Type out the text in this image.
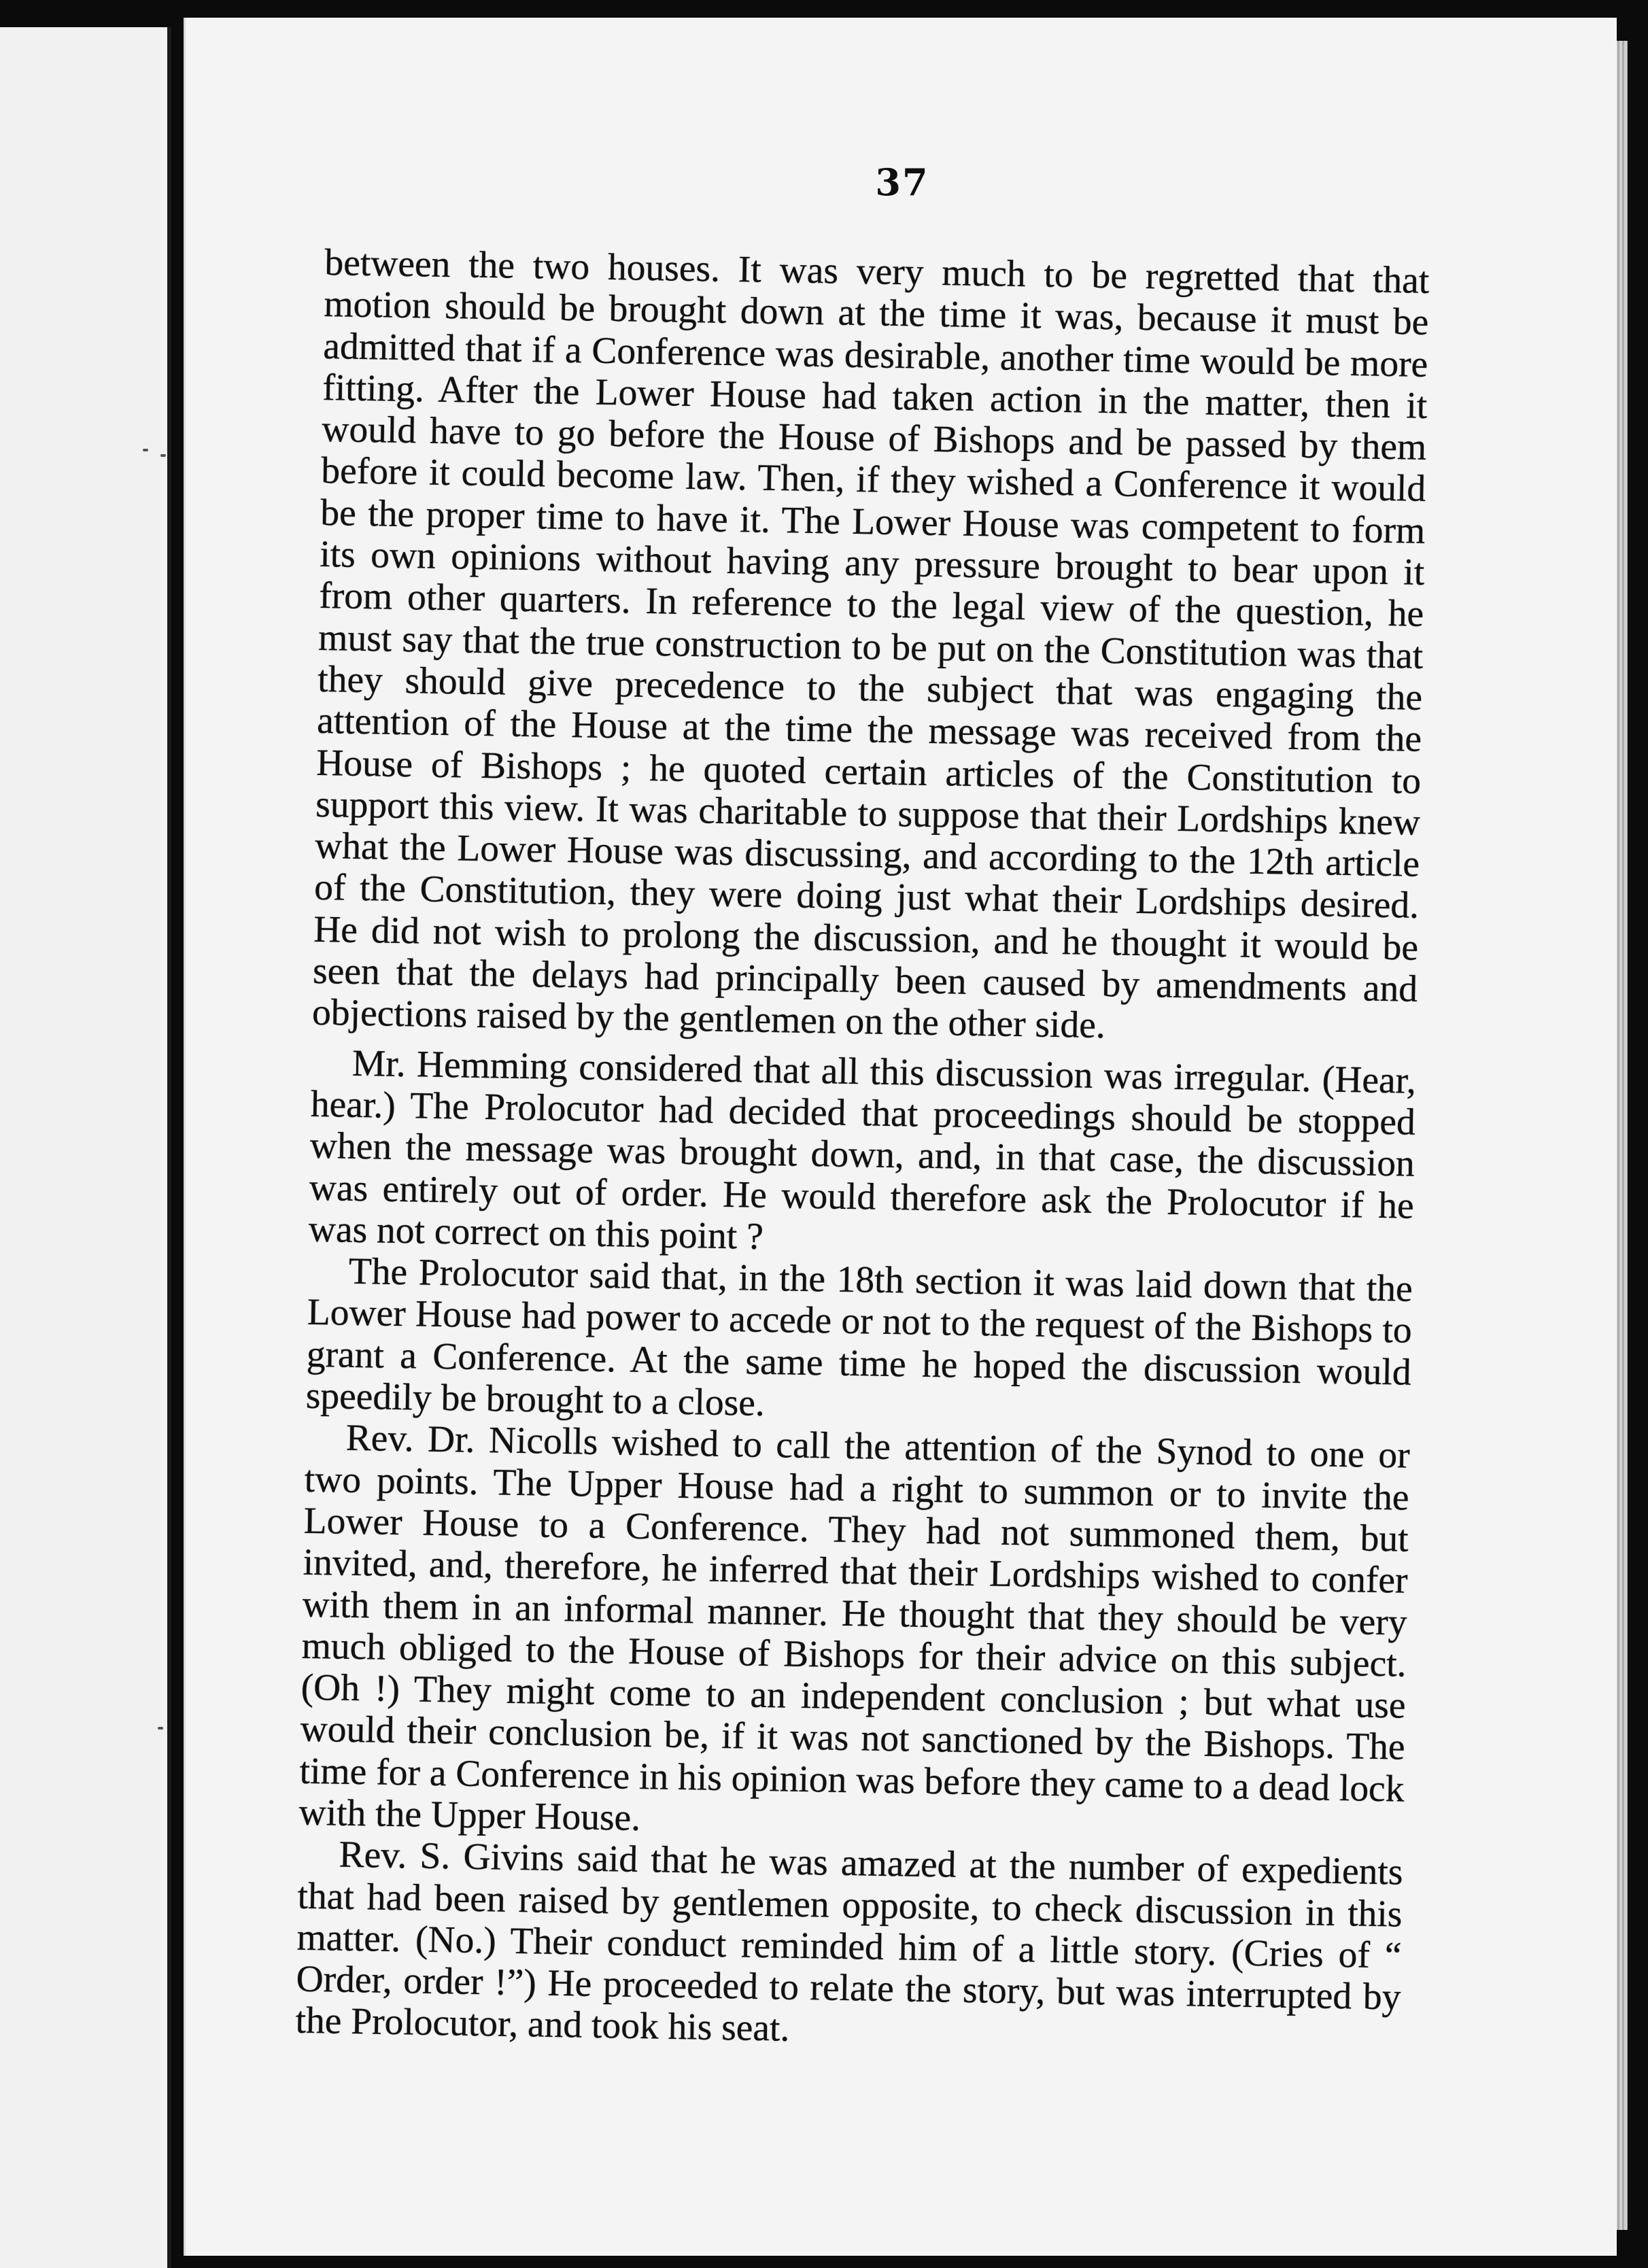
37

between the two houses. It was very much to be regretted that that motion should be brought down at the time it was, because it must be admitted that if a Conference was desirable, another time would be more fitting. After the Lower House had taken action in the matter, then it would have to go before the House of Bishops and be passed by them before it could become law. Then, if they wished a Conference it would be the proper time to have it. The Lower House was competent to form its own opinions without having any pressure brought to bear upon it from other quarters. In reference to the legal view of the question, he must say that the true construction to be put on the Constitution was that they should give precedence to the subject that was engaging the attention of the House at the time the message was received from the House of Bishops ; he quoted certain articles of the Constitution to support this view. It was charitable to suppose that their Lordships knew what the Lower House was discussing, and according to the 12th article of the Constitution, they were doing just what their Lordships desired. He did not wish to prolong the discussion, and he thought it would be seen that the delays had principally been caused by amendments and objections raised by the gentlemen on the other side.

Mr. Hemming considered that all this discussion was irregular. (Hear, hear.) The Prolocutor had decided that proceedings should be stopped when the message was brought down, and, in that case, the discussion was entirely out of order. He would therefore ask the Prolocutor if he was not correct on this point ?

The Prolocutor said that, in the 18th section it was laid down that the Lower House had power to accede or not to the request of the Bishops to grant a Conference. At the same time he hoped the discussion would speedily be brought to a close.

Rev. Dr. Nicolls wished to call the attention of the Synod to one or two points. The Upper House had a right to summon or to invite the Lower House to a Conference. They had not summoned them, but invited, and, therefore, he inferred that their Lordships wished to confer with them in an informal manner. He thought that they should be very much obliged to the House of Bishops for their advice on this subject. (Oh !) They might come to an independent conclusion ; but what use would their conclusion be, if it was not sanctioned by the Bishops. The time for a Conference in his opinion was before they came to a dead lock with the Upper House.

Rev. S. Givins said that he was amazed at the number of expedients that had been raised by gentlemen opposite, to check discussion in this matter. (No.) Their conduct reminded him of a little story. (Cries of “ Order, order !”) He proceeded to relate the story, but was interrupted by the Prolocutor, and took his seat.
